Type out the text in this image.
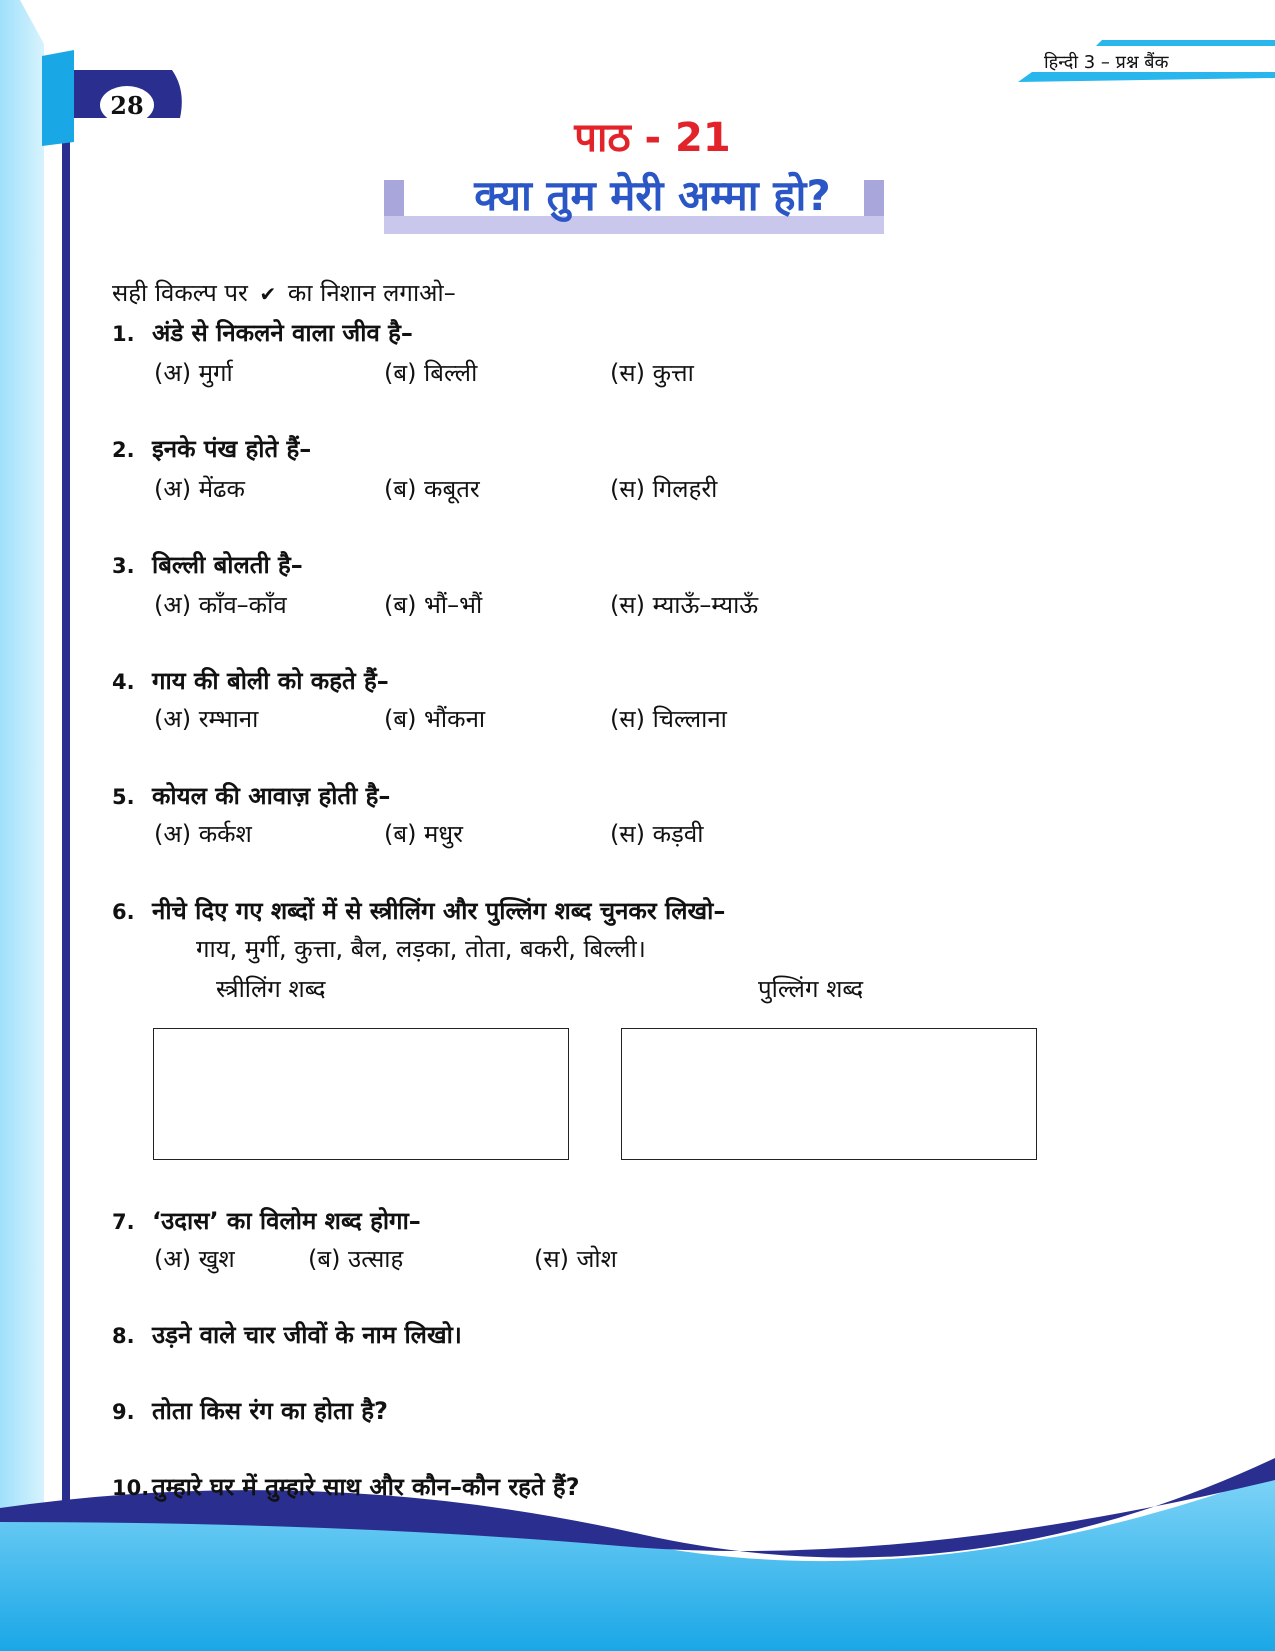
हिन्दी 3 – प्रश्न बैंक
28
पाठ - 21
क्या तुम मेरी अम्मा हो?
सही विकल्प पर ✔ का निशान लगाओ–
1. अंडे से निकलने वाला जीव है–
(अ) मुर्गा	(ब) बिल्ली	(स) कुत्ता
2. इनके पंख होते हैं–
(अ) मेंढक	(ब) कबूतर	(स) गिलहरी
3. बिल्ली बोलती है–
(अ) काँव–काँव	(ब) भौं–भौं	(स) म्याऊँ–म्याऊँ
4. गाय की बोली को कहते हैं–
(अ) रम्भाना	(ब) भौंकना	(स) चिल्लाना
5. कोयल की आवाज़ होती है–
(अ) कर्कश	(ब) मधुर	(स) कड़वी
6. नीचे दिए गए शब्दों में से स्त्रीलिंग और पुल्लिंग शब्द चुनकर लिखो–
गाय, मुर्गी, कुत्ता, बैल, लड़का, तोता, बकरी, बिल्ली।
स्त्रीलिंग शब्द	पुल्लिंग शब्द
7. ‘उदास’ का विलोम शब्द होगा–
(अ) खुश	(ब) उत्साह	(स) जोश
8. उड़ने वाले चार जीवों के नाम लिखो।
9. तोता किस रंग का होता है?
10. तुम्हारे घर में तुम्हारे साथ और कौन–कौन रहते हैं?
